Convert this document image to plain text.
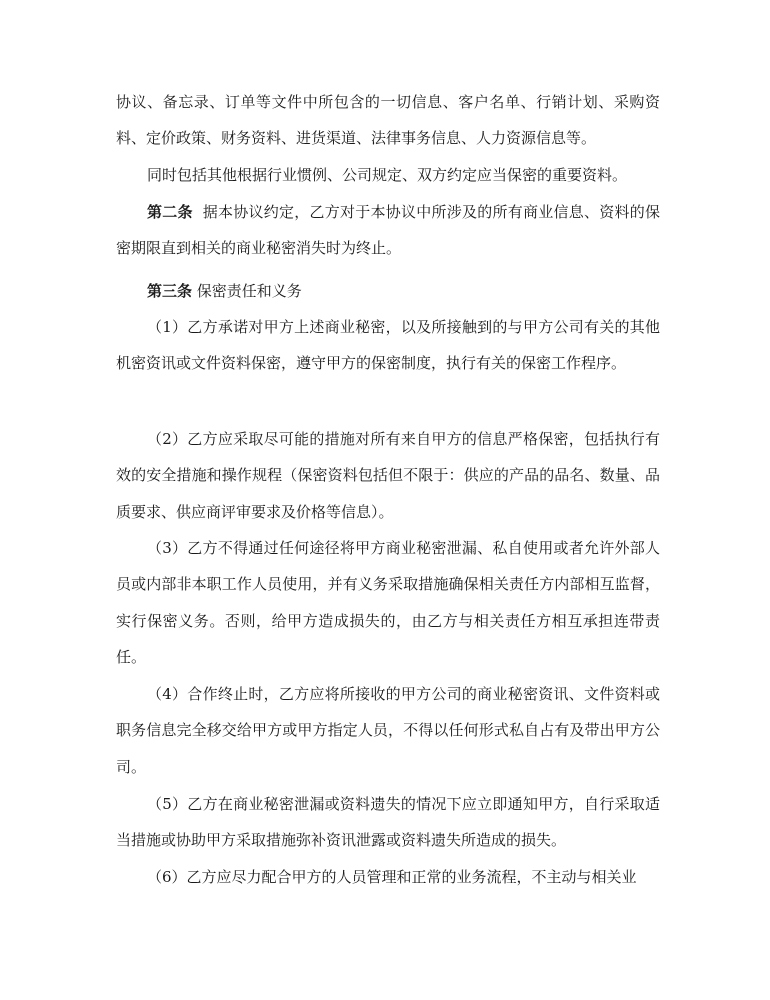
协议、备忘录、订单等文件中所包含的一切信息、客户名单、行销计划、采购资料、定价政策、财务资料、进货渠道、法律事务信息、人力资源信息等。

同时包括其他根据行业惯例、公司规定、双方约定应当保密的重要资料。

第二条 据本协议约定，乙方对于本协议中所涉及的所有商业信息、资料的保密期限直到相关的商业秘密消失时为终止。

第三条 保密责任和义务

（1）乙方承诺对甲方上述商业秘密，以及所接触到的与甲方公司有关的其他机密资讯或文件资料保密，遵守甲方的保密制度，执行有关的保密工作程序。

（2）乙方应采取尽可能的措施对所有来自甲方的信息严格保密，包括执行有效的安全措施和操作规程（保密资料包括但不限于：供应的产品的品名、数量、品质要求、供应商评审要求及价格等信息）。

（3）乙方不得通过任何途径将甲方商业秘密泄漏、私自使用或者允许外部人员或内部非本职工作人员使用，并有义务采取措施确保相关责任方内部相互监督，实行保密义务。否则，给甲方造成损失的，由乙方与相关责任方相互承担连带责任。

（4）合作终止时，乙方应将所接收的甲方公司的商业秘密资讯、文件资料或职务信息完全移交给甲方或甲方指定人员，不得以任何形式私自占有及带出甲方公司。

（5）乙方在商业秘密泄漏或资料遗失的情况下应立即通知甲方，自行采取适当措施或协助甲方采取措施弥补资讯泄露或资料遗失所造成的损失。

（6）乙方应尽力配合甲方的人员管理和正常的业务流程，不主动与相关业
